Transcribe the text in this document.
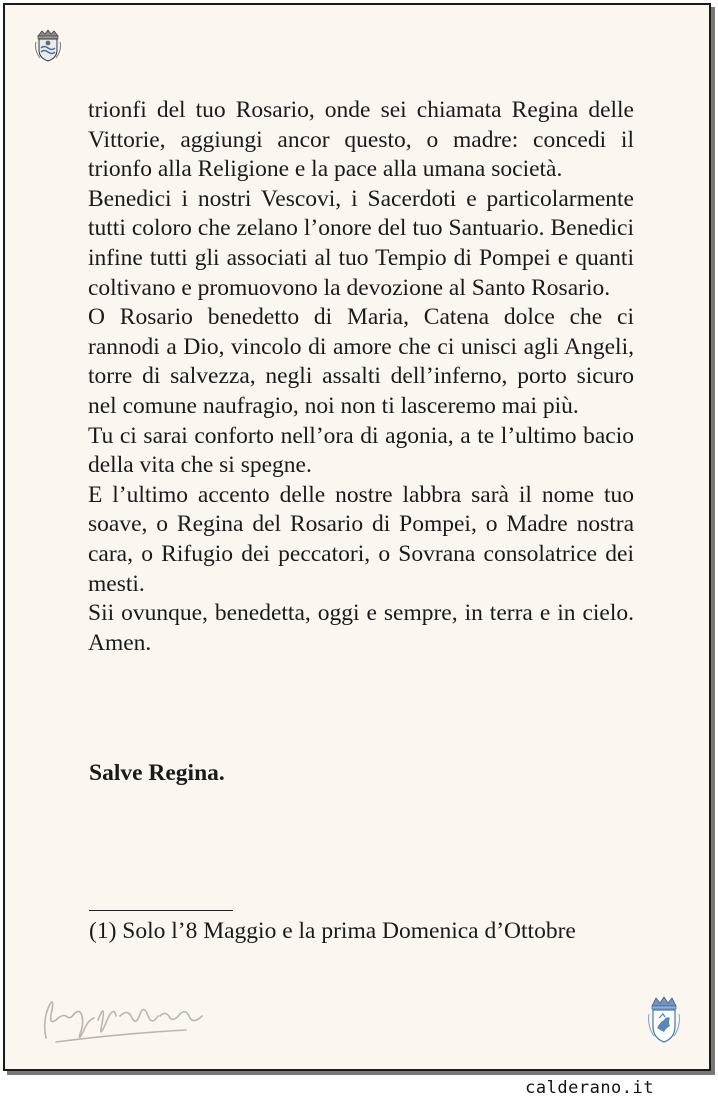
trionfi del tuo Rosario, onde sei chiamata Regina delle Vittorie, aggiungi ancor questo, o madre: concedi il trionfo alla Religione e la pace alla umana società.

Benedici i nostri Vescovi, i Sacerdoti e particolarmente tutti coloro che zelano l’onore del tuo Santuario. Benedici infine tutti gli associati al tuo Tempio di Pompei e quanti coltivano e promuovono la devozione al Santo Rosario.

O Rosario benedetto di Maria, Catena dolce che ci rannodi a Dio, vincolo di amore che ci unisci agli Angeli, torre di salvezza, negli assalti dell’inferno, porto sicuro nel comune naufragio, noi non ti lasceremo mai più.

Tu ci sarai conforto nell’ora di agonia, a te l’ultimo bacio della vita che si spegne.

E l’ultimo accento delle nostre labbra sarà il nome tuo soave, o Regina del Rosario di Pompei, o Madre nostra cara, o Rifugio dei peccatori, o Sovrana consolatrice dei mesti.

Sii ovunque, benedetta, oggi e sempre, in terra e in cielo. Amen.

Salve Regina.
(1) Solo l’8 Maggio e la prima Domenica d’Ottobre
calderano.it
